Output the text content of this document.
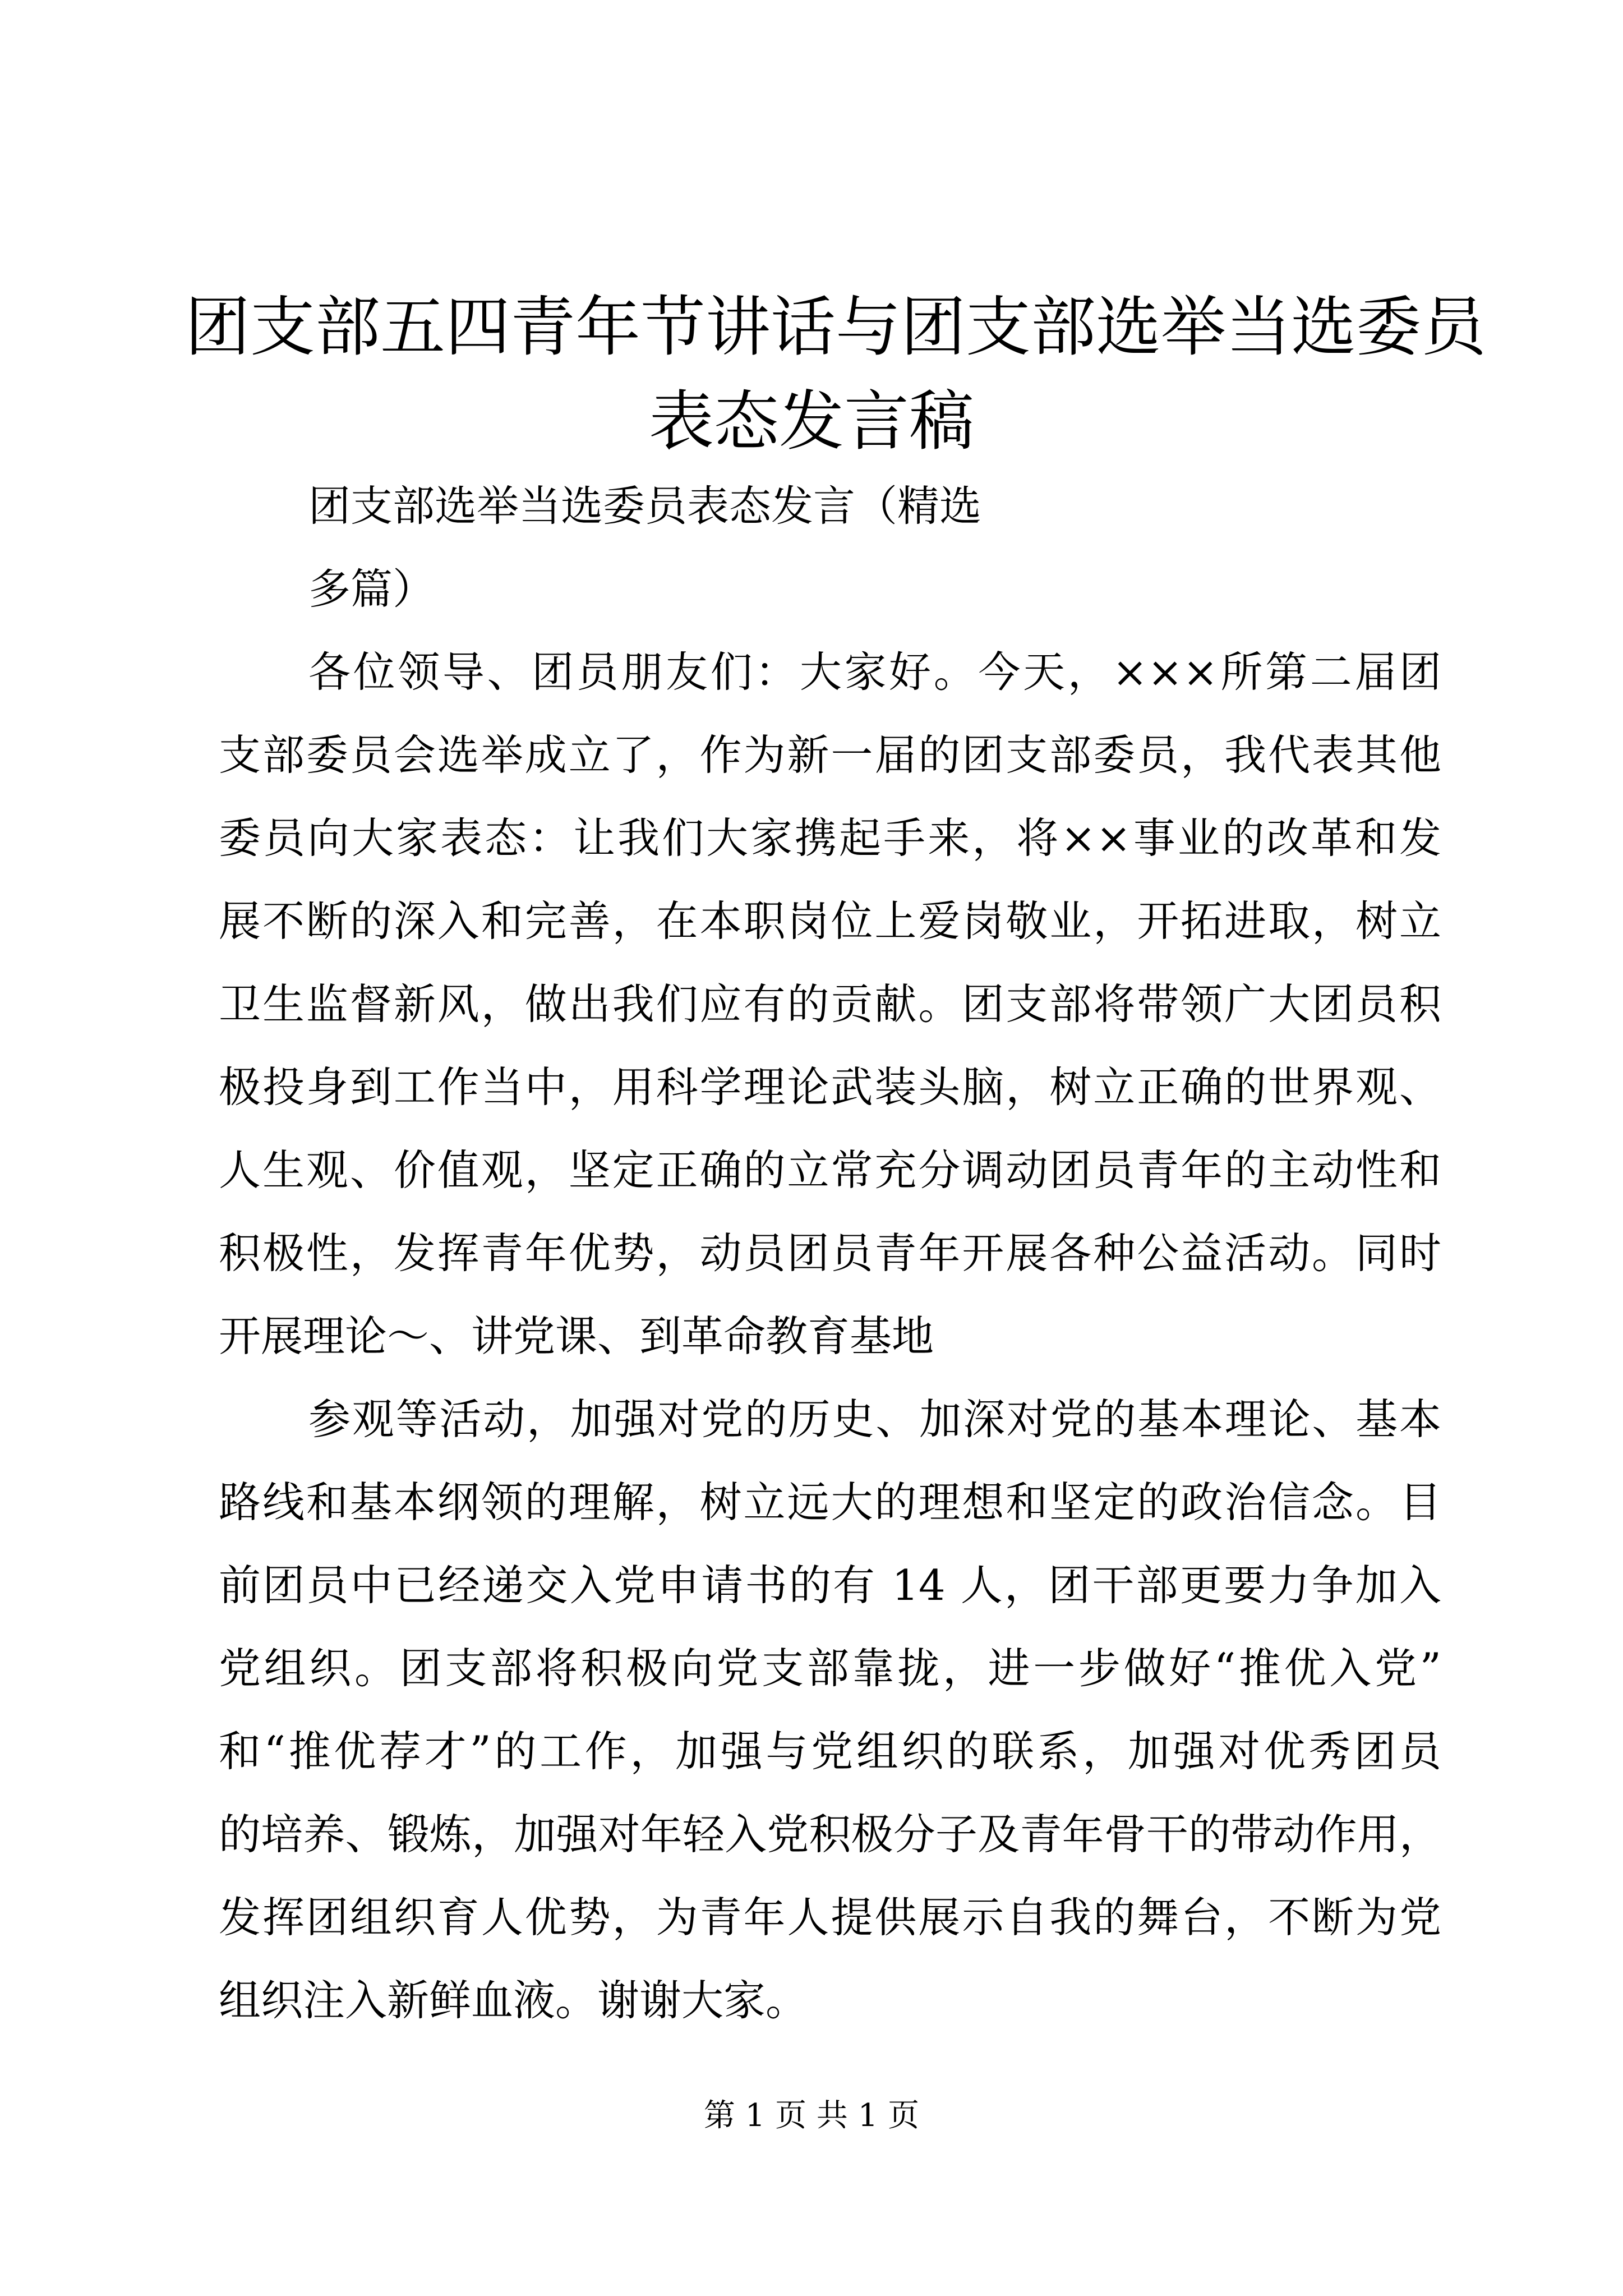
团支部五四青年节讲话与团支部选举当选委员
表态发言稿
团支部选举当选委员表态发言（精选
多篇）
各位领导、团员朋友们：大家好。今天，×××所第二届团
支部委员会选举成立了，作为新一届的团支部委员，我代表其他
委员向大家表态：让我们大家携起手来，将××事业的改革和发
展不断的深入和完善，在本职岗位上爱岗敬业，开拓进取，树立
卫生监督新风，做出我们应有的贡献。团支部将带领广大团员积
极投身到工作当中，用科学理论武装头脑，树立正确的世界观、
人生观、价值观，坚定正确的立常充分调动团员青年的主动性和
积极性，发挥青年优势，动员团员青年开展各种公益活动。同时
开展理论～、讲党课、到革命教育基地
参观等活动，加强对党的历史、加深对党的基本理论、基本
路线和基本纲领的理解，树立远大的理想和坚定的政治信念。目
前团员中已经递交入党申请书的有 14 人，团干部更要力争加入
党组织。团支部将积极向党支部靠拢，进一步做好“推优入党”
和“推优荐才”的工作，加强与党组织的联系，加强对优秀团员
的培养、锻炼，加强对年轻入党积极分子及青年骨干的带动作用，
发挥团组织育人优势，为青年人提供展示自我的舞台，不断为党
组织注入新鲜血液。谢谢大家。
第 1 页 共 1 页
